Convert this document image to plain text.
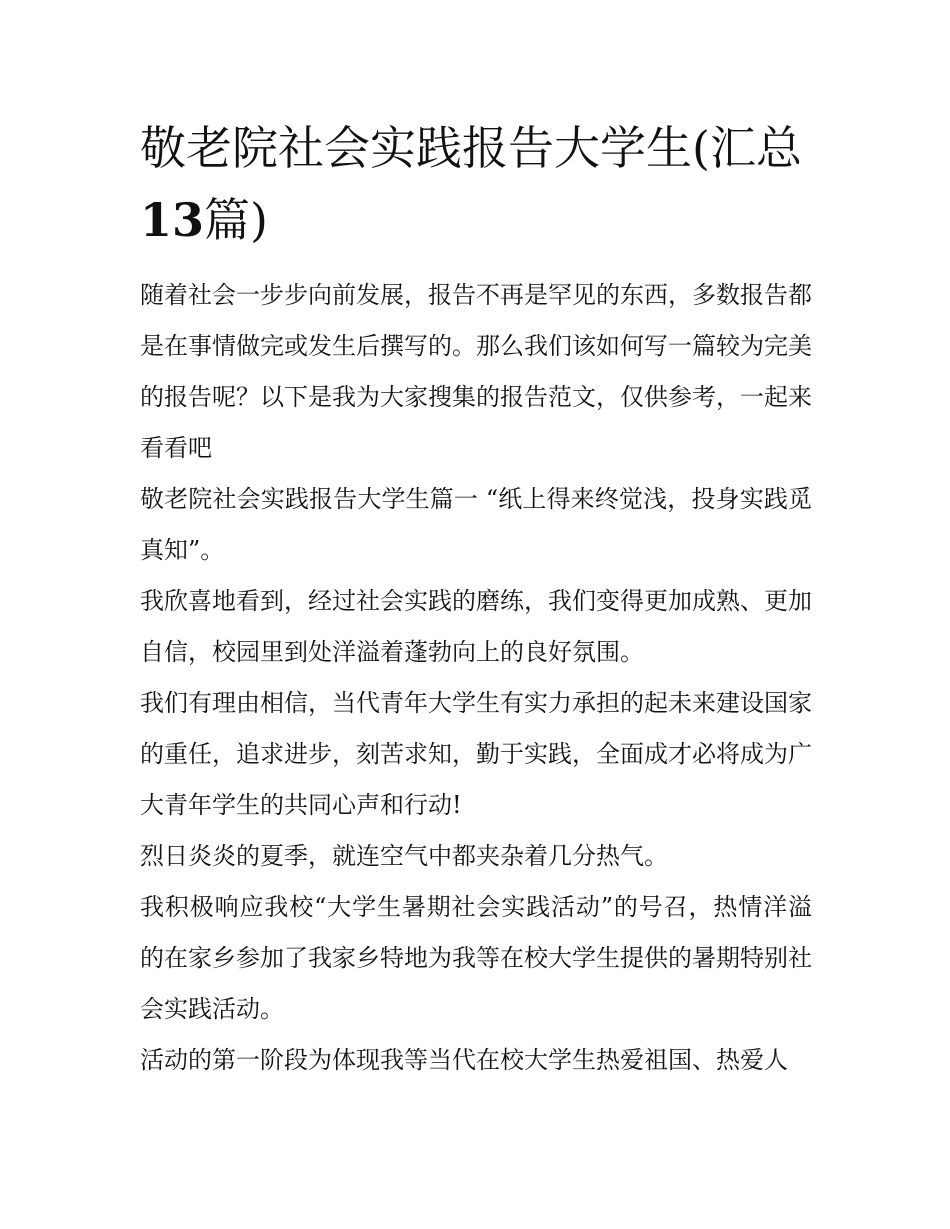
敬老院社会实践报告大学生(汇总13篇)

随着社会一步步向前发展，报告不再是罕见的东西，多数报告都是在事情做完或发生后撰写的。那么我们该如何写一篇较为完美的报告呢？以下是我为大家搜集的报告范文，仅供参考，一起来看看吧

敬老院社会实践报告大学生篇一 “纸上得来终觉浅，投身实践觅真知”。

我欣喜地看到，经过社会实践的磨练，我们变得更加成熟、更加自信，校园里到处洋溢着蓬勃向上的良好氛围。

我们有理由相信，当代青年大学生有实力承担的起未来建设国家的重任，追求进步，刻苦求知，勤于实践，全面成才必将成为广大青年学生的共同心声和行动!

烈日炎炎的夏季，就连空气中都夹杂着几分热气。

我积极响应我校“大学生暑期社会实践活动”的号召，热情洋溢的在家乡参加了我家乡特地为我等在校大学生提供的暑期特别社会实践活动。

活动的第一阶段为体现我等当代在校大学生热爱祖国、热爱人
